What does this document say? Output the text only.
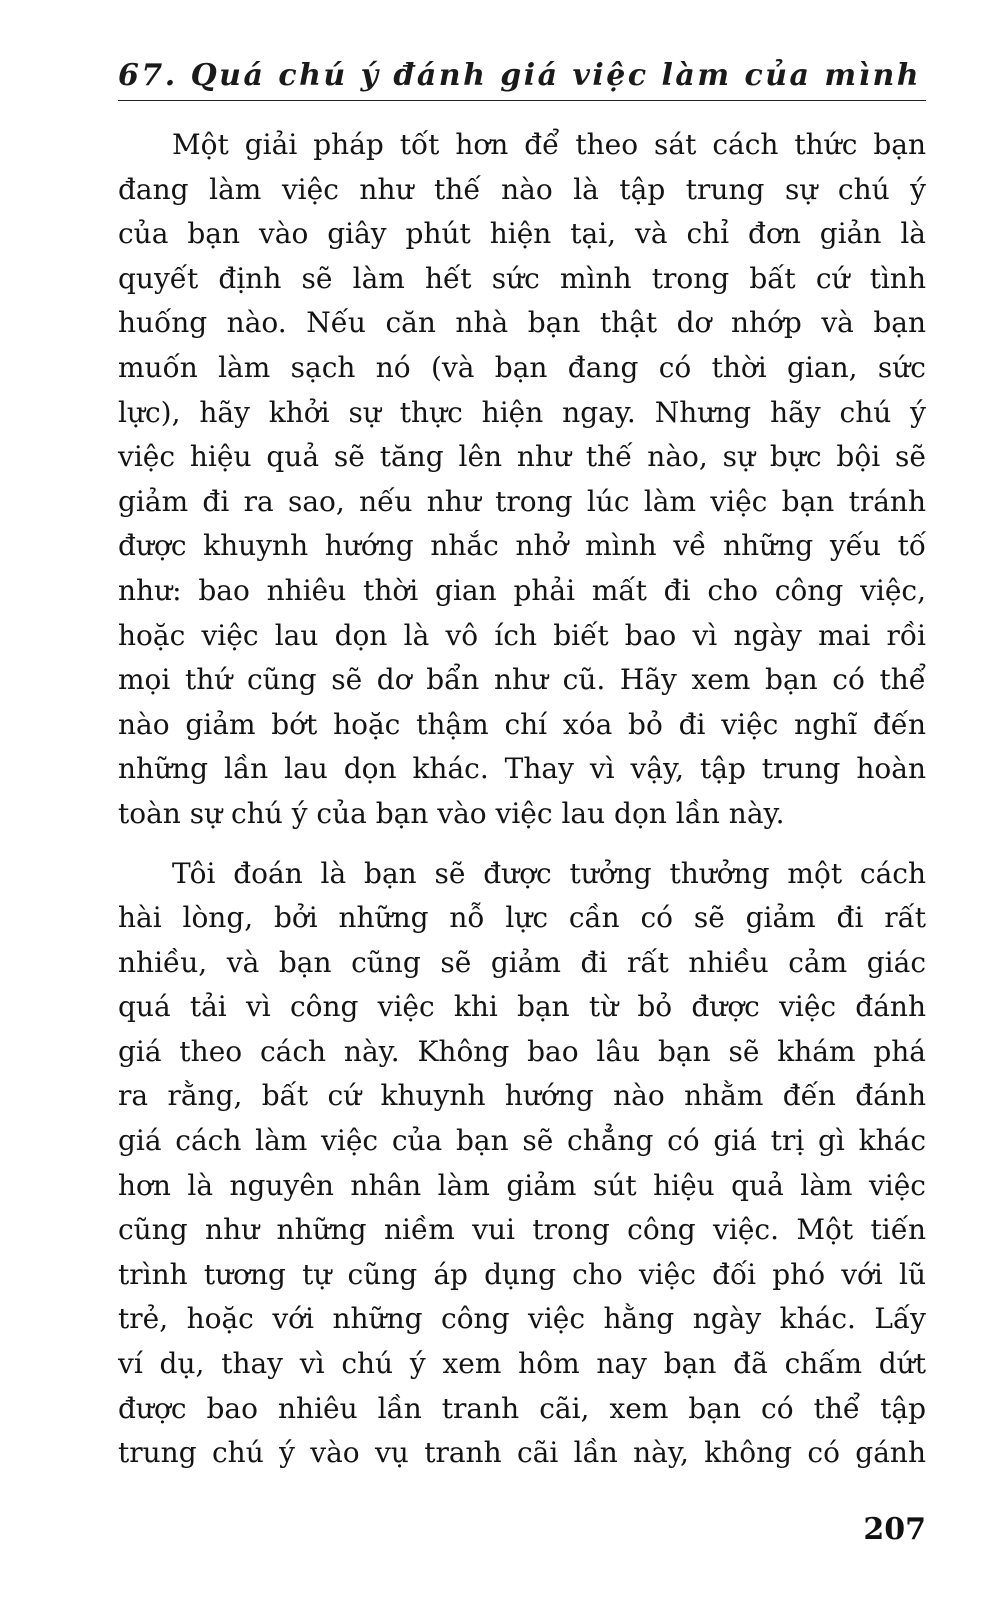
67. Quá chú ý đánh giá việc làm của mình

Một giải pháp tốt hơn để theo sát cách thức bạn
đang làm việc như thế nào là tập trung sự chú ý
của bạn vào giây phút hiện tại, và chỉ đơn giản là
quyết định sẽ làm hết sức mình trong bất cứ tình
huống nào. Nếu căn nhà bạn thật dơ nhớp và bạn
muốn làm sạch nó (và bạn đang có thời gian, sức
lực), hãy khởi sự thực hiện ngay. Nhưng hãy chú ý
việc hiệu quả sẽ tăng lên như thế nào, sự bực bội sẽ
giảm đi ra sao, nếu như trong lúc làm việc bạn tránh
được khuynh hướng nhắc nhở mình về những yếu tố
như: bao nhiêu thời gian phải mất đi cho công việc,
hoặc việc lau dọn là vô ích biết bao vì ngày mai rồi
mọi thứ cũng sẽ dơ bẩn như cũ. Hãy xem bạn có thể
nào giảm bớt hoặc thậm chí xóa bỏ đi việc nghĩ đến
những lần lau dọn khác. Thay vì vậy, tập trung hoàn
toàn sự chú ý của bạn vào việc lau dọn lần này.

Tôi đoán là bạn sẽ được tưởng thưởng một cách
hài lòng, bởi những nỗ lực cần có sẽ giảm đi rất
nhiều, và bạn cũng sẽ giảm đi rất nhiều cảm giác
quá tải vì công việc khi bạn từ bỏ được việc đánh
giá theo cách này. Không bao lâu bạn sẽ khám phá
ra rằng, bất cứ khuynh hướng nào nhằm đến đánh
giá cách làm việc của bạn sẽ chẳng có giá trị gì khác
hơn là nguyên nhân làm giảm sút hiệu quả làm việc
cũng như những niềm vui trong công việc. Một tiến
trình tương tự cũng áp dụng cho việc đối phó với lũ
trẻ, hoặc với những công việc hằng ngày khác. Lấy
ví dụ, thay vì chú ý xem hôm nay bạn đã chấm dứt
được bao nhiêu lần tranh cãi, xem bạn có thể tập
trung chú ý vào vụ tranh cãi lần này, không có gánh

207
